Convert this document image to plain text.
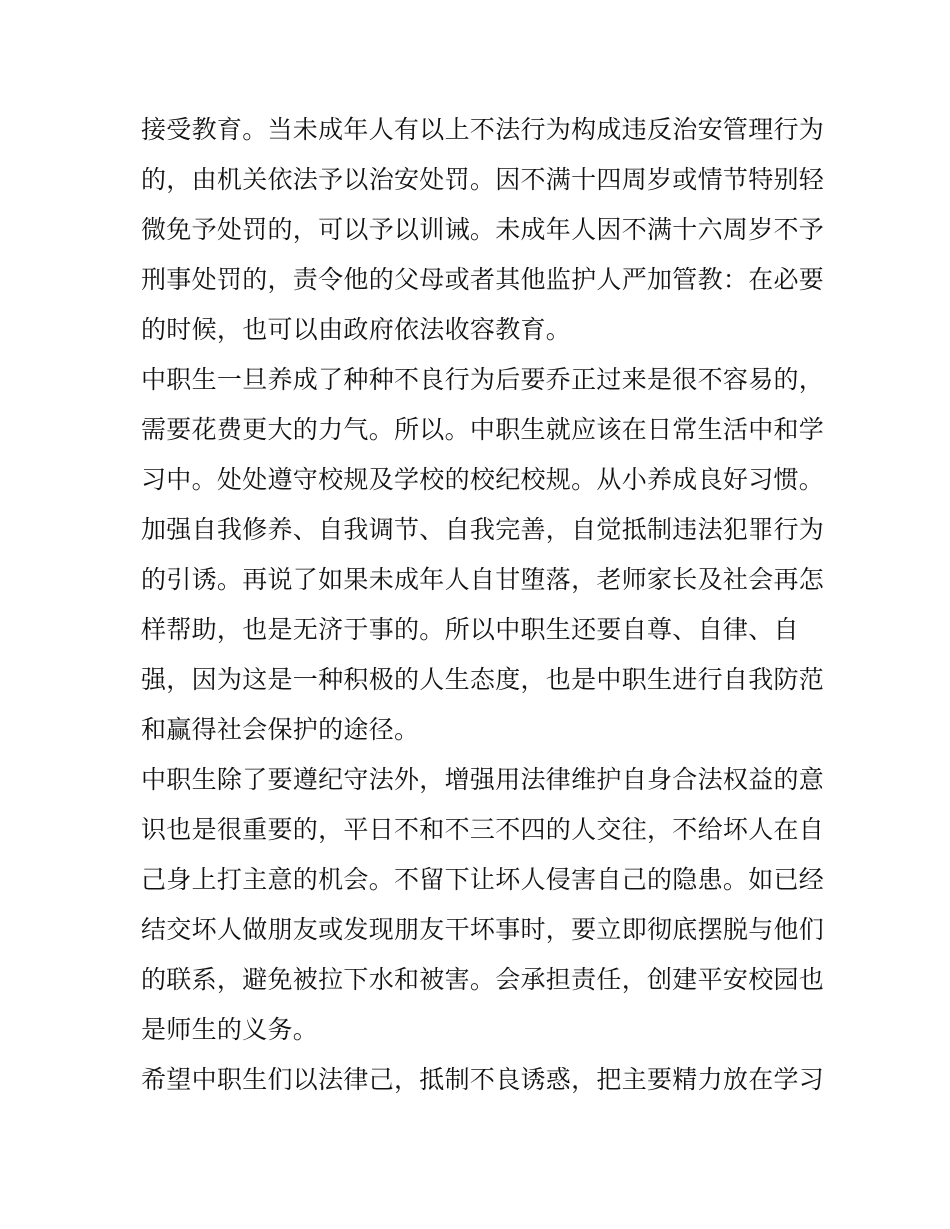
接受教育。当未成年人有以上不法行为构成违反治安管理行为

的，由机关依法予以治安处罚。因不满十四周岁或情节特别轻

微免予处罚的，可以予以训诫。未成年人因不满十六周岁不予

刑事处罚的，责令他的父母或者其他监护人严加管教：在必要

的时候，也可以由政府依法收容教育。

中职生一旦养成了种种不良行为后要乔正过来是很不容易的，

需要花费更大的力气。所以。中职生就应该在日常生活中和学

习中。处处遵守校规及学校的校纪校规。从小养成良好习惯。

加强自我修养、自我调节、自我完善，自觉抵制违法犯罪行为

的引诱。再说了如果未成年人自甘堕落，老师家长及社会再怎

样帮助，也是无济于事的。所以中职生还要自尊、自律、自

强，因为这是一种积极的人生态度，也是中职生进行自我防范

和赢得社会保护的途径。

中职生除了要遵纪守法外，增强用法律维护自身合法权益的意

识也是很重要的，平日不和不三不四的人交往，不给坏人在自

己身上打主意的机会。不留下让坏人侵害自己的隐患。如已经

结交坏人做朋友或发现朋友干坏事时，要立即彻底摆脱与他们

的联系，避免被拉下水和被害。会承担责任，创建平安校园也

是师生的义务。

希望中职生们以法律己，抵制不良诱惑，把主要精力放在学习
